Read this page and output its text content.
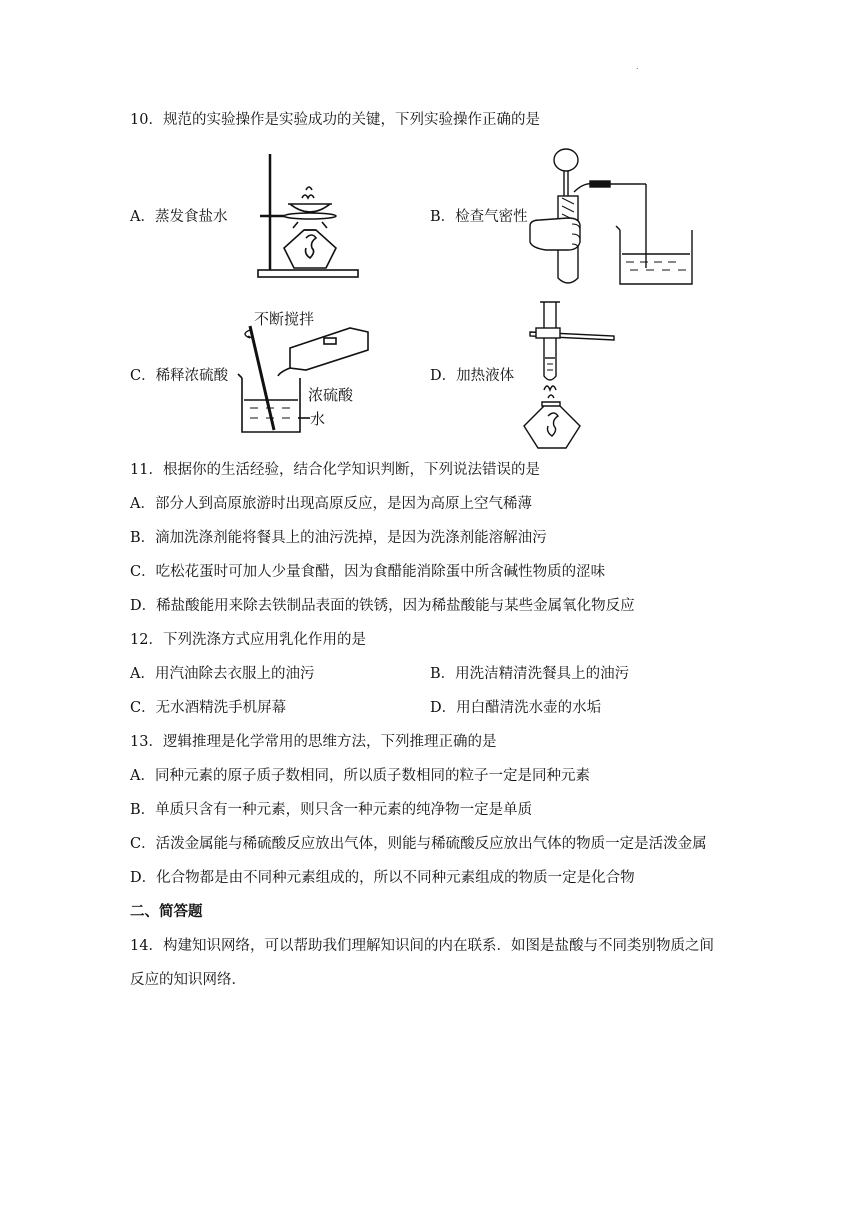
.
10．规范的实验操作是实验成功的关键，下列实验操作正确的是
A．蒸发食盐水	B．检查气密性
C．稀释浓硫酸
不断搅拌
浓硫酸
水
D．加热液体
11．根据你的生活经验，结合化学知识判断，下列说法错误的是
A．部分人到高原旅游时出现高原反应，是因为高原上空气稀薄
B．滴加洗涤剂能将餐具上的油污洗掉，是因为洗涤剂能溶解油污
C．吃松花蛋时可加人少量食醋，因为食醋能消除蛋中所含碱性物质的涩味
D．稀盐酸能用来除去铁制品表面的铁锈，因为稀盐酸能与某些金属氧化物反应
12．下列洗涤方式应用乳化作用的是
A．用汽油除去衣服上的油污	B．用洗洁精清洗餐具上的油污
C．无水酒精洗手机屏幕	D．用白醋清洗水壶的水垢
13．逻辑推理是化学常用的思维方法，下列推理正确的是
A．同种元素的原子质子数相同，所以质子数相同的粒子一定是同种元素
B．单质只含有一种元素，则只含一种元素的纯净物一定是单质
C．活泼金属能与稀硫酸反应放出气体，则能与稀硫酸反应放出气体的物质一定是活泼金属
D．化合物都是由不同种元素组成的，所以不同种元素组成的物质一定是化合物
二、简答题
14．构建知识网络，可以帮助我们理解知识间的内在联系．如图是盐酸与不同类别物质之间
反应的知识网络．
